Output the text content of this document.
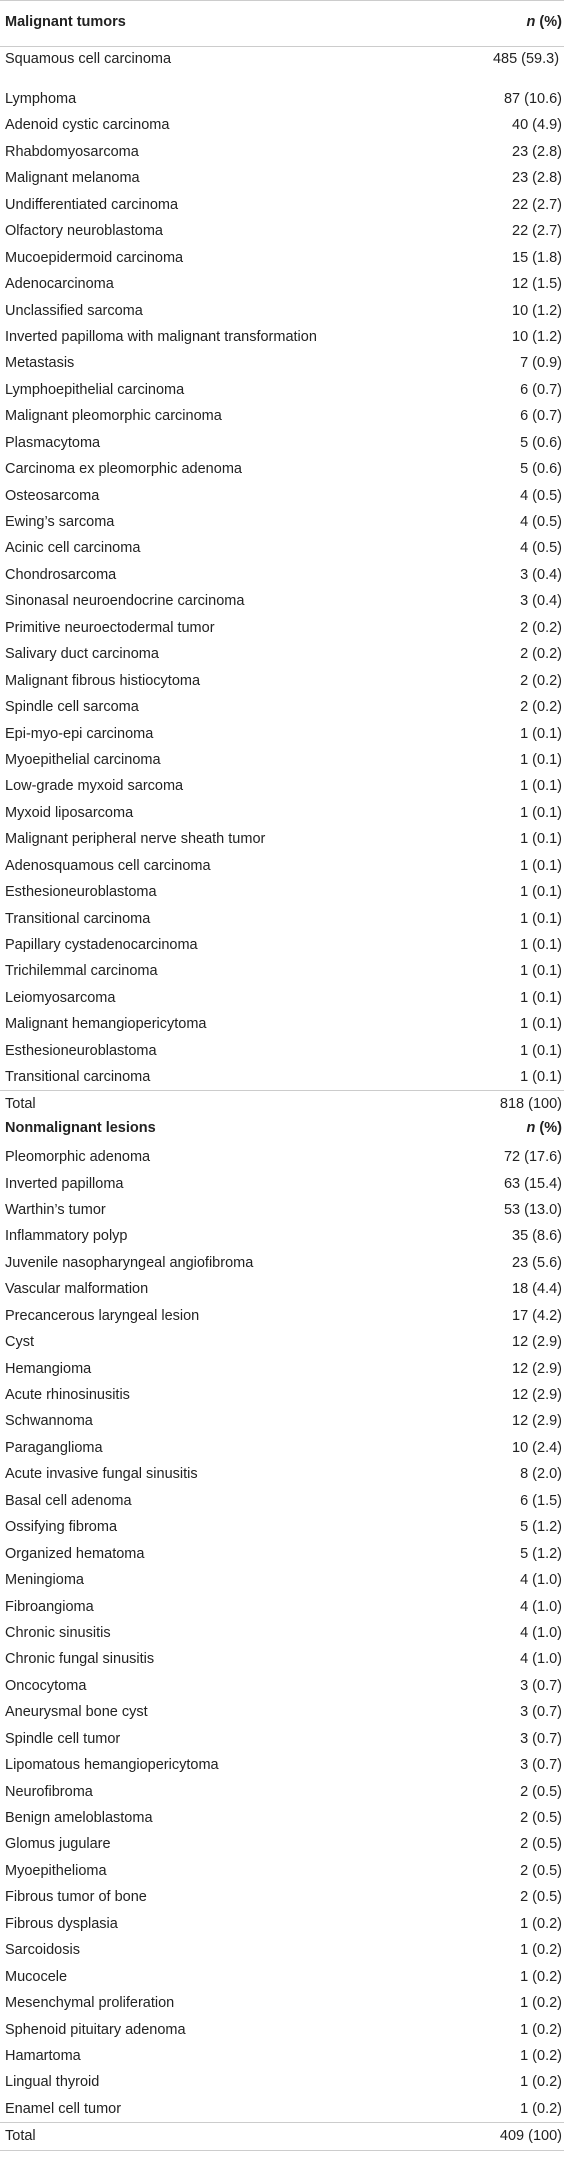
Malignant tumors	n (%)

Squamous cell carcinoma	485 (59.3)
Lymphoma	87 (10.6)
Adenoid cystic carcinoma	40 (4.9)
Rhabdomyosarcoma	23 (2.8)
Malignant melanoma	23 (2.8)
Undifferentiated carcinoma	22 (2.7)
Olfactory neuroblastoma	22 (2.7)
Mucoepidermoid carcinoma	15 (1.8)
Adenocarcinoma	12 (1.5)
Unclassified sarcoma	10 (1.2)
Inverted papilloma with malignant transformation	10 (1.2)
Metastasis	7 (0.9)
Lymphoepithelial carcinoma	6 (0.7)
Malignant pleomorphic carcinoma	6 (0.7)
Plasmacytoma	5 (0.6)
Carcinoma ex pleomorphic adenoma	5 (0.6)
Osteosarcoma	4 (0.5)
Ewing’s sarcoma	4 (0.5)
Acinic cell carcinoma	4 (0.5)
Chondrosarcoma	3 (0.4)
Sinonasal neuroendocrine carcinoma	3 (0.4)
Primitive neuroectodermal tumor	2 (0.2)
Salivary duct carcinoma	2 (0.2)
Malignant fibrous histiocytoma	2 (0.2)
Spindle cell sarcoma	2 (0.2)
Epi-myo-epi carcinoma	1 (0.1)
Myoepithelial carcinoma	1 (0.1)
Low-grade myxoid sarcoma	1 (0.1)
Myxoid liposarcoma	1 (0.1)
Malignant peripheral nerve sheath tumor	1 (0.1)
Adenosquamous cell carcinoma	1 (0.1)
Esthesioneuroblastoma	1 (0.1)
Transitional carcinoma	1 (0.1)
Papillary cystadenocarcinoma	1 (0.1)
Trichilemmal carcinoma	1 (0.1)
Leiomyosarcoma	1 (0.1)
Malignant hemangiopericytoma	1 (0.1)
Esthesioneuroblastoma	1 (0.1)
Transitional carcinoma	1 (0.1)
Total	818 (100)
Nonmalignant lesions	n (%)
Pleomorphic adenoma	72 (17.6)
Inverted papilloma	63 (15.4)
Warthin’s tumor	53 (13.0)
Inflammatory polyp	35 (8.6)
Juvenile nasopharyngeal angiofibroma	23 (5.6)
Vascular malformation	18 (4.4)
Precancerous laryngeal lesion	17 (4.2)
Cyst	12 (2.9)
Hemangioma	12 (2.9)
Acute rhinosinusitis	12 (2.9)
Schwannoma	12 (2.9)
Paraganglioma	10 (2.4)
Acute invasive fungal sinusitis	8 (2.0)
Basal cell adenoma	6 (1.5)
Ossifying fibroma	5 (1.2)
Organized hematoma	5 (1.2)
Meningioma	4 (1.0)
Fibroangioma	4 (1.0)
Chronic sinusitis	4 (1.0)
Chronic fungal sinusitis	4 (1.0)
Oncocytoma	3 (0.7)
Aneurysmal bone cyst	3 (0.7)
Spindle cell tumor	3 (0.7)
Lipomatous hemangiopericytoma	3 (0.7)
Neurofibroma	2 (0.5)
Benign ameloblastoma	2 (0.5)
Glomus jugulare	2 (0.5)
Myoepithelioma	2 (0.5)
Fibrous tumor of bone	2 (0.5)
Fibrous dysplasia	1 (0.2)
Sarcoidosis	1 (0.2)
Mucocele	1 (0.2)
Mesenchymal proliferation	1 (0.2)
Sphenoid pituitary adenoma	1 (0.2)
Hamartoma	1 (0.2)
Lingual thyroid	1 (0.2)
Enamel cell tumor	1 (0.2)
Total	409 (100)
